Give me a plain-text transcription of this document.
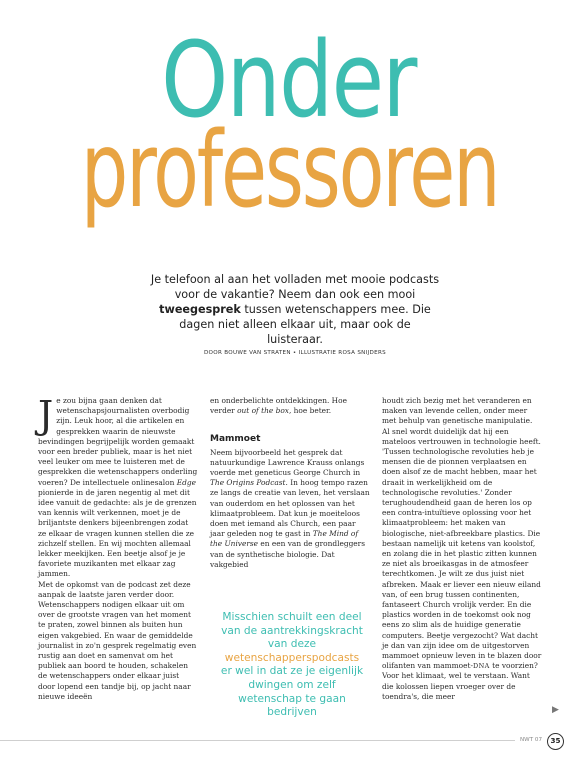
Onder
professoren
Je telefoon al aan het volladen met mooie podcasts voor de vakantie? Neem dan ook een mooi tweegesprek tussen wetenschappers mee. Die dagen niet alleen elkaar uit, maar ook de luisteraar.
DOOR BOUWE VAN STRATEN • ILLUSTRATIE ROSA SNIJDERS

Je zou bijna gaan denken dat wetenschapsjournalisten overbodig zijn. Leuk hoor, al die artikelen en gesprekken waarin de nieuwste bevindingen begrijpelijk worden gemaakt voor een breder publiek, maar is het niet veel leuker om mee te luisteren met de gesprekken die wetenschappers onderling voeren? De intellectuele onlinesalon Edge pionierde in de jaren negentig al met dit idee vanuit de gedachte: als je de grenzen van kennis wilt verkennen, moet je de briljantste denkers bijeenbrengen zodat ze elkaar de vragen kunnen stellen die ze zichzelf stellen. En wij mochten allemaal lekker meekijken. Een beetje alsof je je favoriete muzikanten met elkaar zag jammen.

Met de opkomst van de podcast zet deze aanpak de laatste jaren verder door. Wetenschappers nodigen elkaar uit om over de grootste vragen van het moment te praten, zowel binnen als buiten hun eigen vakgebied. En waar de gemiddelde journalist in zo'n gesprek regelmatig even rustig aan doet en samenvat om het publiek aan boord te houden, schakelen de wetenschappers onder elkaar juist door lopend een tandje bij, op jacht naar nieuwe ideeën

en onderbelichte ontdekkingen. Hoe verder out of the box, hoe beter.

Mammoet

Neem bijvoorbeeld het gesprek dat natuurkundige Lawrence Krauss onlangs voerde met geneticus George Church in The Origins Podcast. In hoog tempo razen ze langs de creatie van leven, het verslaan van ouderdom en het oplossen van het klimaatprobleem. Dat kun je moeiteloos doen met iemand als Church, een paar jaar geleden nog te gast in The Mind of the Universe en een van de grondleggers van de synthetische biologie. Dat vakgebied

Misschien schuilt een deel van de aantrekkingskracht van deze wetenschapperspodcasts er wel in dat ze je eigenlijk dwingen om zelf wetenschap te gaan bedrijven

houdt zich bezig met het veranderen en maken van levende cellen, onder meer met behulp van genetische manipulatie. Al snel wordt duidelijk dat hij een mateloos vertrouwen in technologie heeft. 'Tussen technologische revoluties heb je mensen die de pionnen verplaatsen en doen alsof ze de macht hebben, maar het draait in werkelijkheid om de technologische revoluties.' Zonder terughoudendheid gaan de heren los op een contra-intuïtieve oplossing voor het klimaatprobleem: het maken van biologische, niet-afbreekbare plastics. Die bestaan namelijk uit ketens van koolstof, en zolang die in het plastic zitten kunnen ze niet als broeikasgas in de atmosfeer terechtkomen. Je wilt ze dus juist niet afbreken. Maak er liever een nieuw eiland van, of een brug tussen continenten, fantaseert Church vrolijk verder. En die plastics worden in de toekomst ook nog eens zo slim als de huidige generatie computers. Beetje vergezocht? Wat dacht je dan van zijn idee om de uitgestorven mammoet opnieuw leven in te blazen door olifanten van mammoet-DNA te voorzien? Voor het klimaat, wel te verstaan. Want die kolossen liepen vroeger over de toendra's, die meer

▶
NWT 07	35
